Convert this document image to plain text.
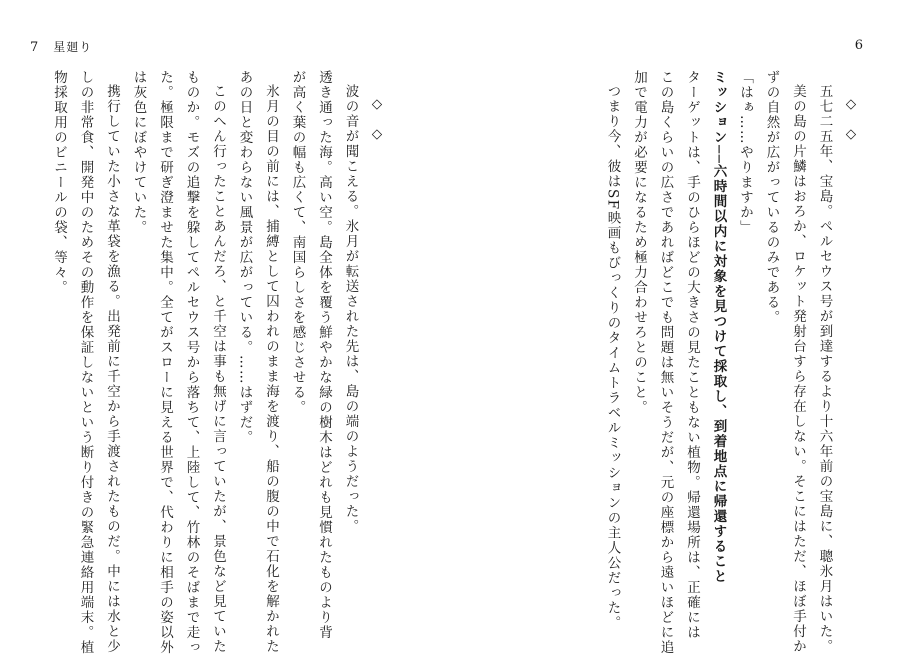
7 星廻り
◇◇
波の音が聞こえる。氷月が転送された先は、島の端のようだった。
透き通った海。高い空。島全体を覆う鮮やかな緑の樹木はどれも見慣れたものより背
が高く葉の幅も広くて、南国らしさを感じさせる。
氷月の目の前には、捕縛として囚われのまま海を渡り、船の腹の中で石化を解かれた
あの日と変わらない風景が広がっている。……はずだ。
このへん行ったことあんだろ、と千空は事も無げに言っていたが、景色など見ていた
ものか。モズの追撃を躱してペルセウス号から落ちて、上陸して、竹林のそばまで走っ
た。極限まで研ぎ澄ませた集中。全てがスローに見える世界で、代わりに相手の姿以外
は灰色にぼやけていた。
携行していた小さな革袋を漁る。出発前に千空から手渡されたものだ。中には水と少
しの非常食、開発中のためその動作を保証しないという断り付きの緊急連絡用端末。植
物採取用のビニールの袋、等々。
6
◇◇
五七二五年、宝島。ペルセウス号が到達するより十六年前の宝島に、聰氷月はいた。
美の島の片鱗はおろか、ロケット発射台すら存在しない。そこにはただ、ほぼ手付か
ずの自然が広がっているのみである。
「はぁ……やりますか」
ミッション──六時間以内に対象を見つけて採取し、到着地点に帰還すること
ターゲットは、手のひらほどの大きさの見たこともない植物。帰還場所は、正確には
この島くらいの広さであればどこでも問題は無いそうだが、元の座標から遠いほどに追
加で電力が必要になるため極力合わせろとのこと。
つまり今、彼はSF映画もびっくりのタイムトラベルミッションの主人公だった。
